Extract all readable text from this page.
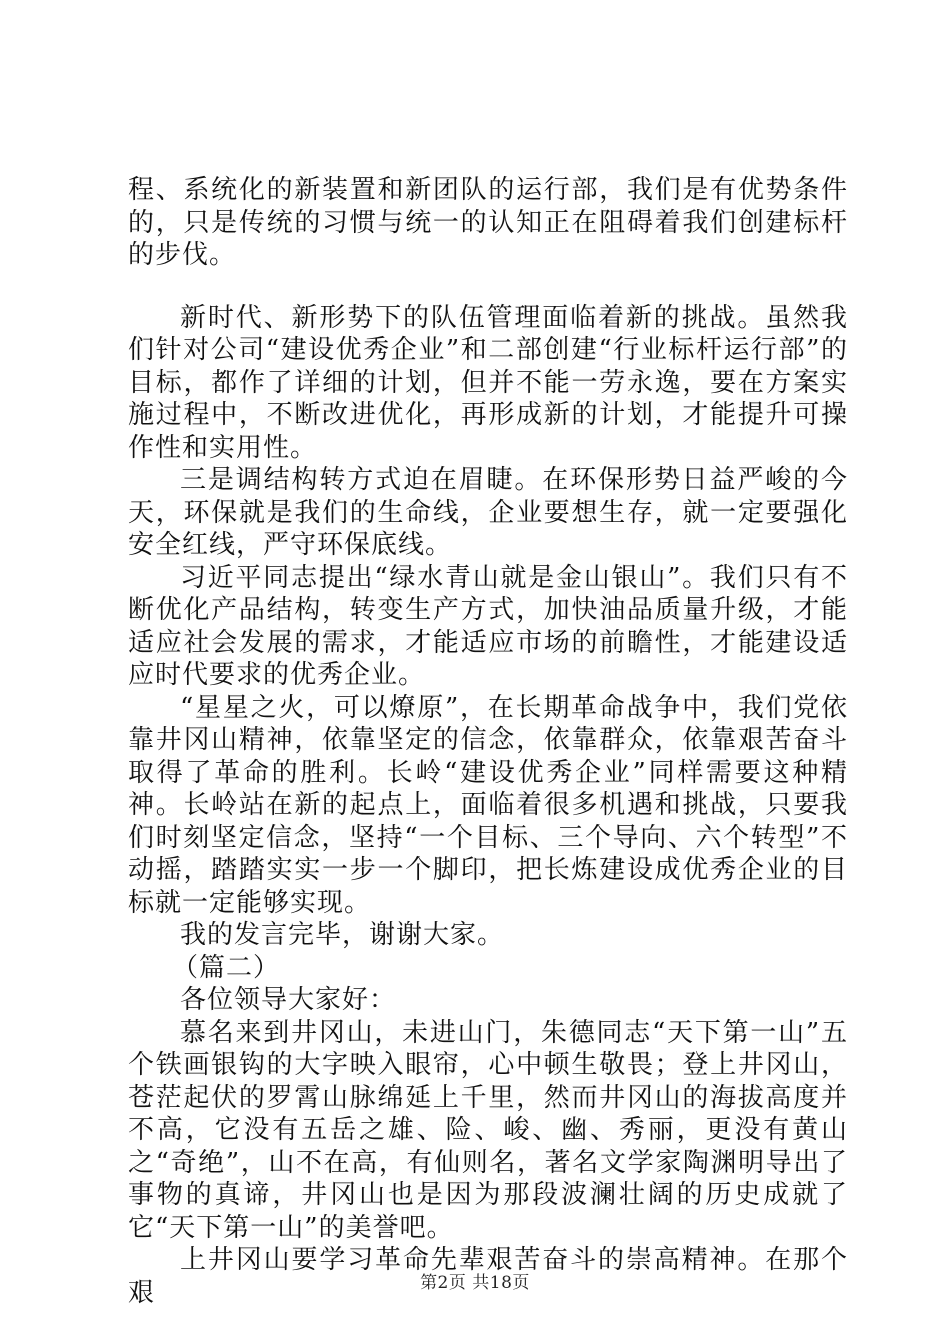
程、系统化的新装置和新团队的运行部，我们是有优势条件的，只是传统的习惯与统一的认知正在阻碍着我们创建标杆的步伐。

新时代、新形势下的队伍管理面临着新的挑战。虽然我们针对公司“建设优秀企业”和二部创建“行业标杆运行部”的目标，都作了详细的计划，但并不能一劳永逸，要在方案实施过程中，不断改进优化，再形成新的计划，才能提升可操作性和实用性。

三是调结构转方式迫在眉睫。在环保形势日益严峻的今天，环保就是我们的生命线，企业要想生存，就一定要强化安全红线，严守环保底线。

习近平同志提出“绿水青山就是金山银山”。我们只有不断优化产品结构，转变生产方式，加快油品质量升级，才能适应社会发展的需求，才能适应市场的前瞻性，才能建设适应时代要求的优秀企业。

“星星之火，可以燎原”，在长期革命战争中，我们党依靠井冈山精神，依靠坚定的信念，依靠群众，依靠艰苦奋斗取得了革命的胜利。长岭“建设优秀企业”同样需要这种精神。长岭站在新的起点上，面临着很多机遇和挑战，只要我们时刻坚定信念，坚持“一个目标、三个导向、六个转型”不动摇，踏踏实实一步一个脚印，把长炼建设成优秀企业的目标就一定能够实现。

我的发言完毕，谢谢大家。

（篇二）

各位领导大家好：

慕名来到井冈山，未进山门，朱德同志“天下第一山”五个铁画银钩的大字映入眼帘，心中顿生敬畏；登上井冈山，苍茫起伏的罗霄山脉绵延上千里，然而井冈山的海拔高度并不高，它没有五岳之雄、险、峻、幽、秀丽，更没有黄山之“奇绝”，山不在高，有仙则名，著名文学家陶渊明导出了事物的真谛，井冈山也是因为那段波澜壮阔的历史成就了它“天下第一山”的美誉吧。

上井冈山要学习革命先辈艰苦奋斗的崇高精神。在那个艰	第2页 共18页
